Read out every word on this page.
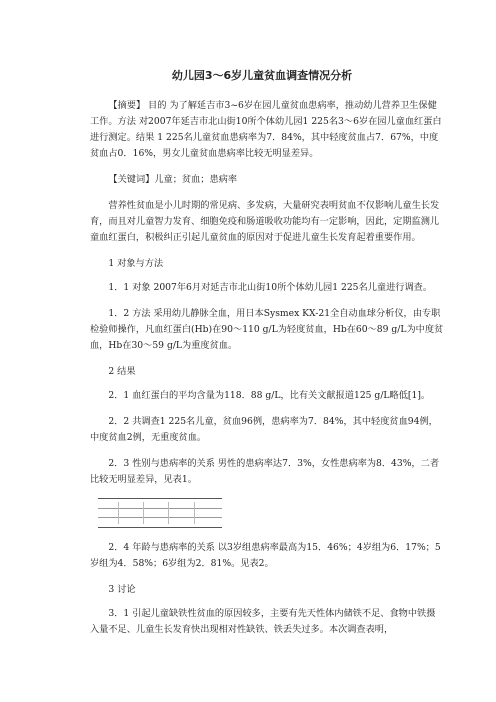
幼儿园3～6岁儿童贫血调查情况分析

【摘要】 目的 为了解延吉市3~6岁在园儿童贫血患病率，推动幼儿营养卫生保健工作。方法 对2007年延吉市北山街10所个体幼儿园1 225名3～6岁在园儿童血红蛋白进行测定。结果 1 225名儿童贫血患病率为7．84%，其中轻度贫血占7．67%，中度贫血占0．16%，男女儿童贫血患病率比较无明显差异。

【关键词】儿童；贫血；患病率

营养性贫血是小儿时期的常见病、多发病，大量研究表明贫血不仅影响儿童生长发育，而且对儿童智力发育、细胞免疫和肠道吸收功能均有一定影响，因此，定期监测儿童血红蛋白，积极纠正引起儿童贫血的原因对于促进儿童生长发育起着重要作用。

1 对象与方法

1．1 对象 2007年6月对延吉市北山街10所个体幼儿园1 225名儿童进行调查。

1．2 方法 采用幼儿静脉全血，用日本Sysmex KX-21全自动血球分析仪，由专职检验师操作，凡血红蛋白(Hb)在90～110 g/L为轻度贫血，Hb在60～89 g/L为中度贫血，Hb在30～59 g/L为重度贫血。

2 结果

2．1 血红蛋白的平均含量为118．88 g/L，比有关文献报道125 g/L略低[1]。

2．2 共调查1 225名儿童，贫血96例，患病率为7．84%，其中轻度贫血94例，中度贫血2例，无重度贫血。

2．3 性别与患病率的关系 男性的患病率达7．3%，女性患病率为8．43%，二者比较无明显差异，见表1。

2．4 年龄与患病率的关系 以3岁组患病率最高为15．46%；4岁组为6．17%；5岁组为4．58%；6岁组为2．81%。见表2。

3 讨论

3．1 引起儿童缺铁性贫血的原因较多，主要有先天性体内储铁不足、食物中铁摄入量不足、儿童生长发育快出现相对性缺铁、铁丢失过多。本次调查表明，
